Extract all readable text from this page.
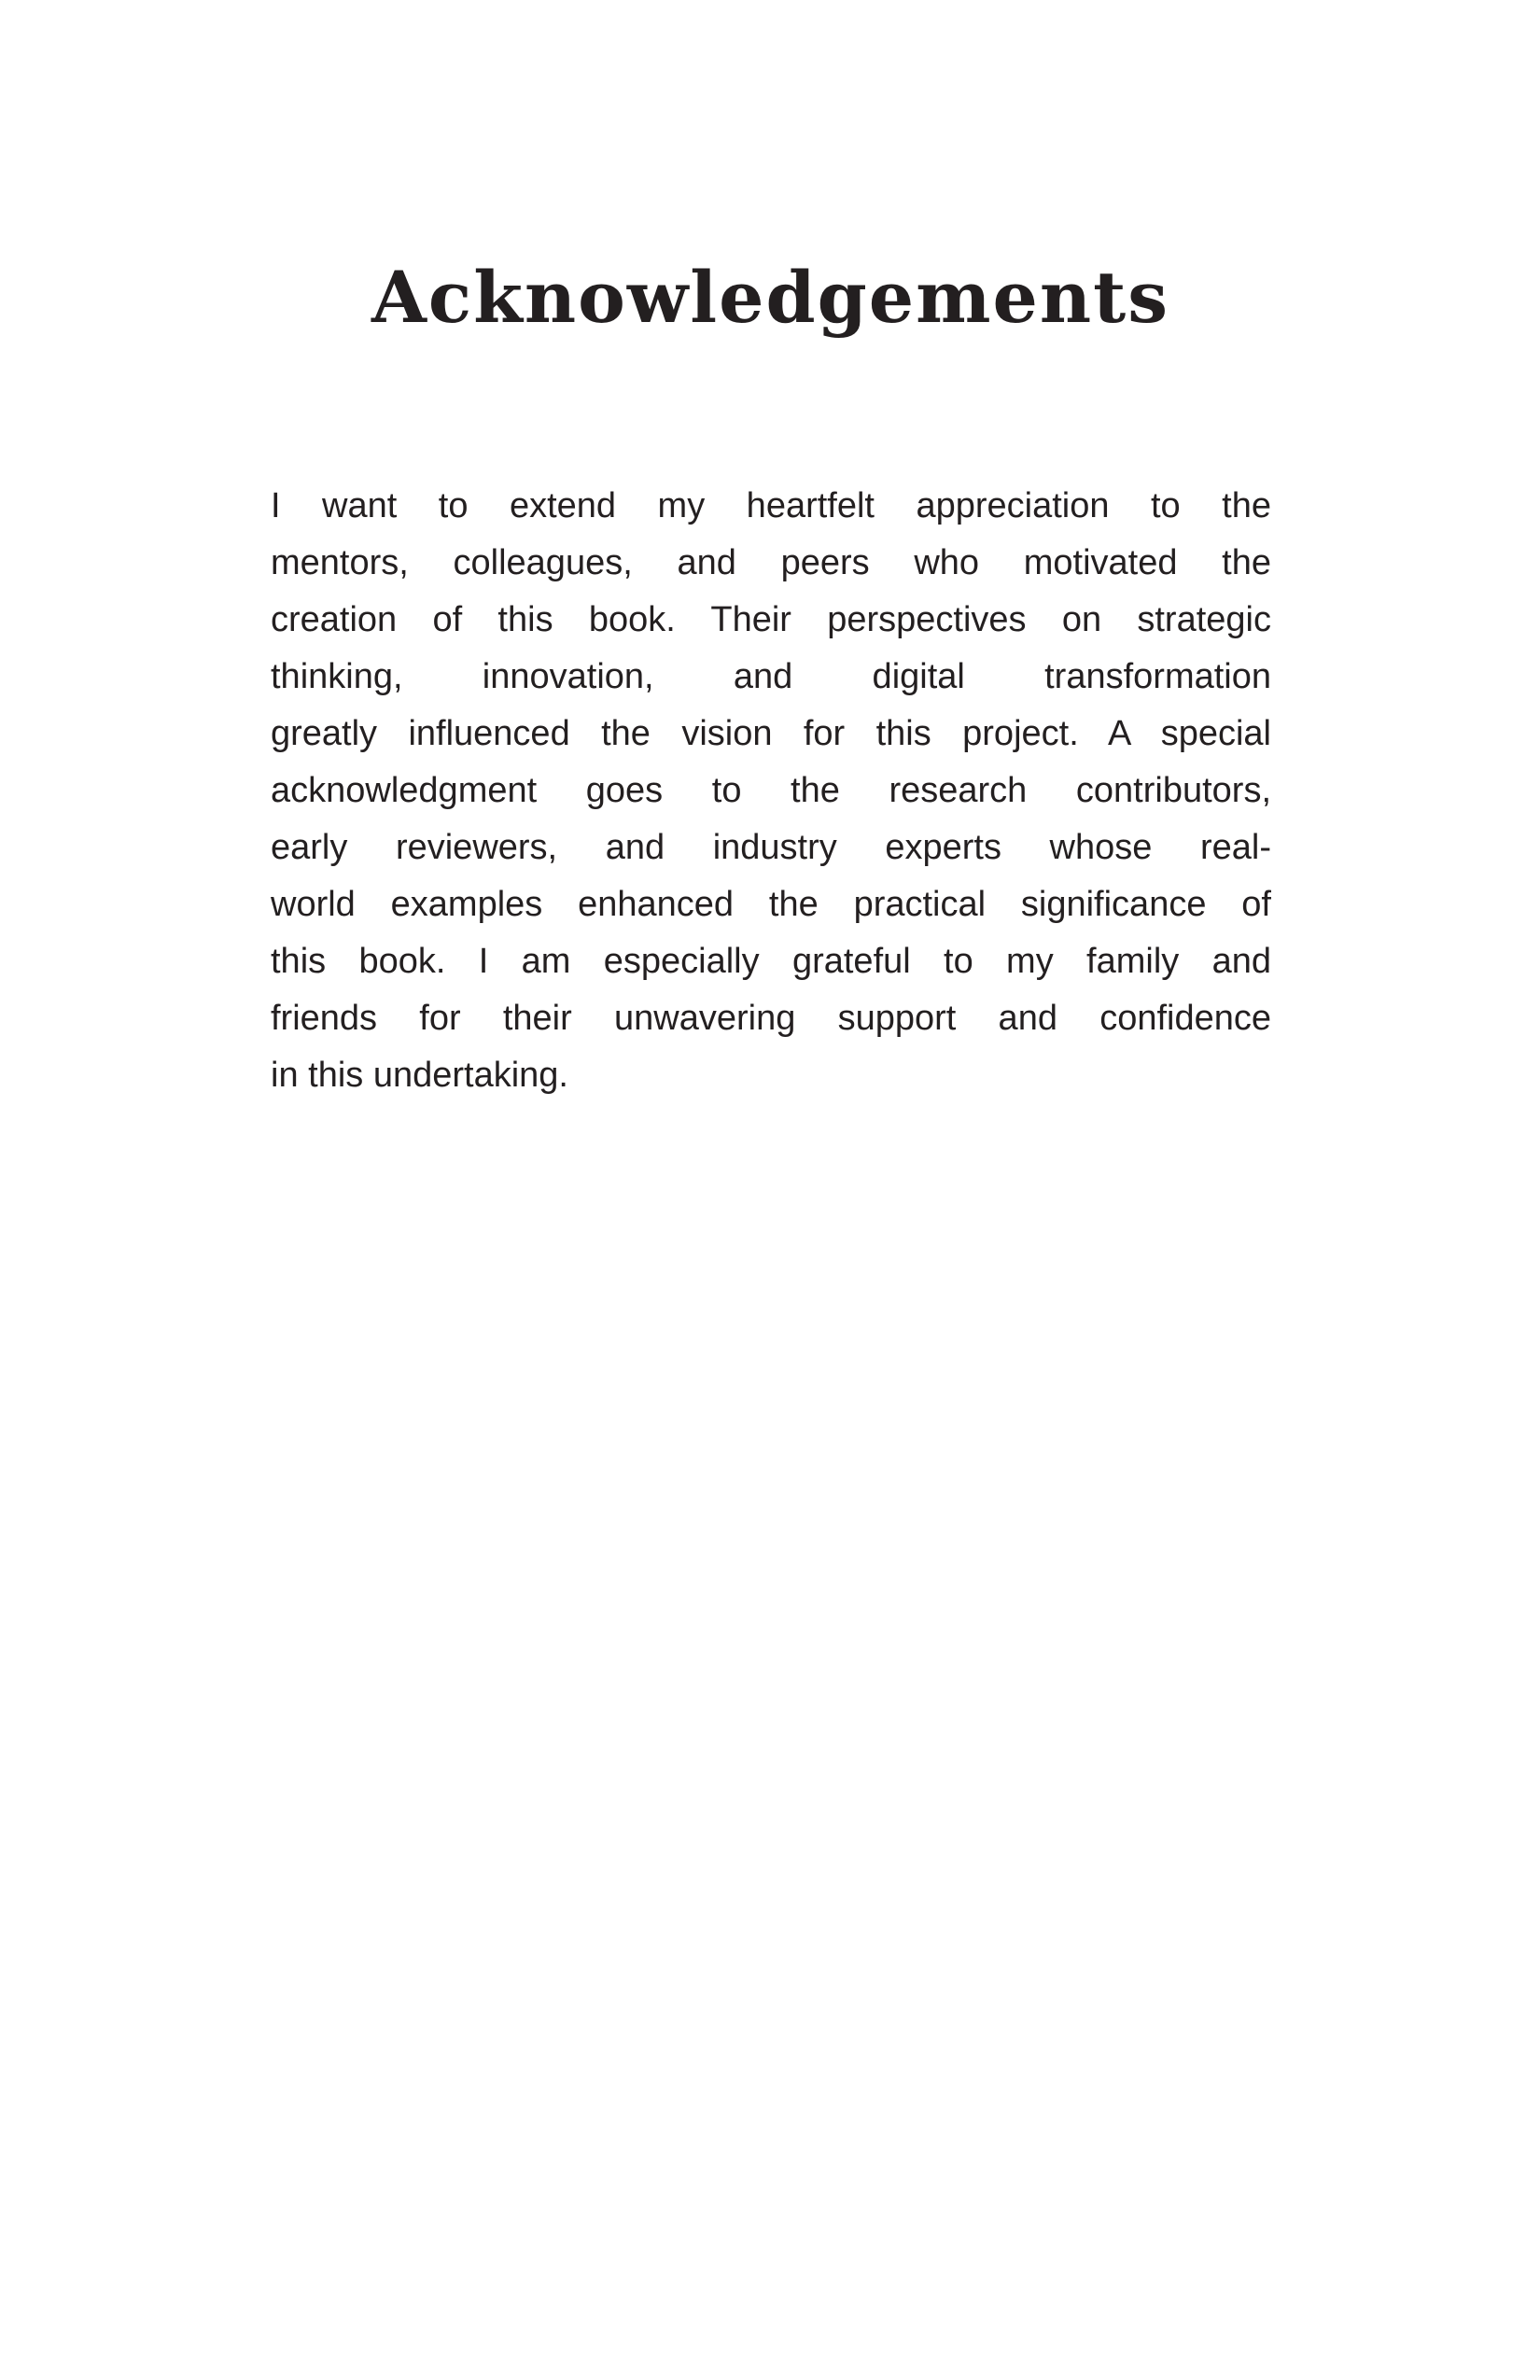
Acknowledgements
I want to extend my heartfelt appreciation to the
mentors, colleagues, and peers who motivated the
creation of this book. Their perspectives on strategic
thinking, innovation, and digital transformation
greatly influenced the vision for this project. A special
acknowledgment goes to the research contributors,
early reviewers, and industry experts whose real-
world examples enhanced the practical significance of
this book. I am especially grateful to my family and
friends for their unwavering support and confidence
in this undertaking.
